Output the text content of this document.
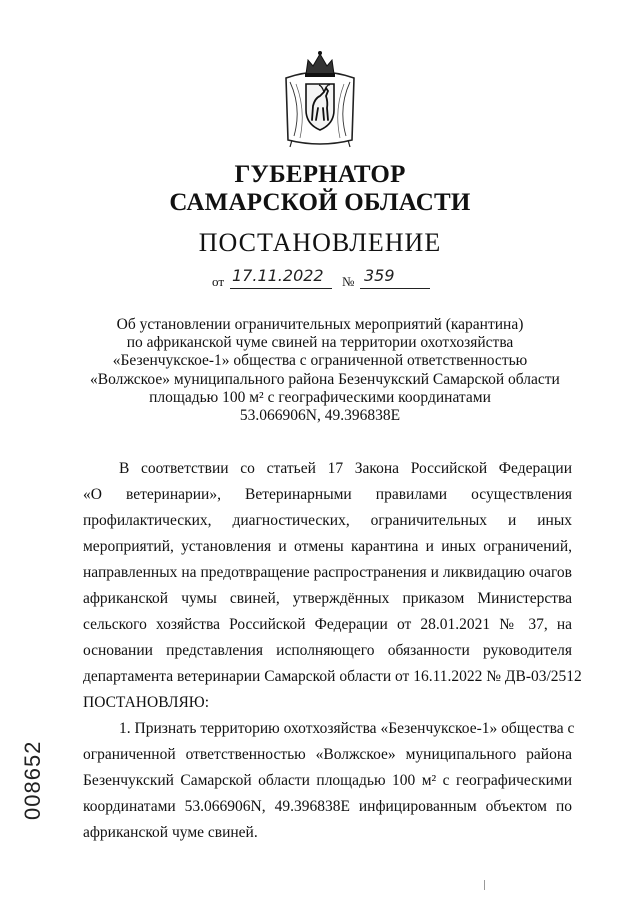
ГУБЕРНАТОР
САМАРСКОЙ ОБЛАСТИ
ПОСТАНОВЛЕНИЕ
от 17.11.2022 № 359
Об установлении ограничительных мероприятий (карантина)
по африканской чуме свиней на территории охотхозяйства
«Безенчукское-1» общества с ограниченной ответственностью
«Волжское» муниципального района Безенчукский Самарской области
площадью 100 м² с географическими координатами
53.066906N, 49.396838E

В соответствии со статьей 17 Закона Российской Федерации
«О ветеринарии», Ветеринарными правилами осуществления
профилактических, диагностических, ограничительных и иных
мероприятий, установления и отмены карантина и иных ограничений,
направленных на предотвращение распространения и ликвидацию очагов
африканской чумы свиней, утверждённых приказом Министерства
сельского хозяйства Российской Федерации от 28.01.2021 № 37, на
основании представления исполняющего обязанности руководителя
департамента ветеринарии Самарской области от 16.11.2022 № ДВ-03/2512

ПОСТАНОВЛЯЮ:

1. Признать территорию охотхозяйства «Безенчукское-1» общества с
ограниченной ответственностью «Волжское» муниципального района
Безенчукский Самарской области площадью 100 м² с географическими
координатами 53.066906N, 49.396838E инфицированным объектом по
африканской чуме свиней.

008652
